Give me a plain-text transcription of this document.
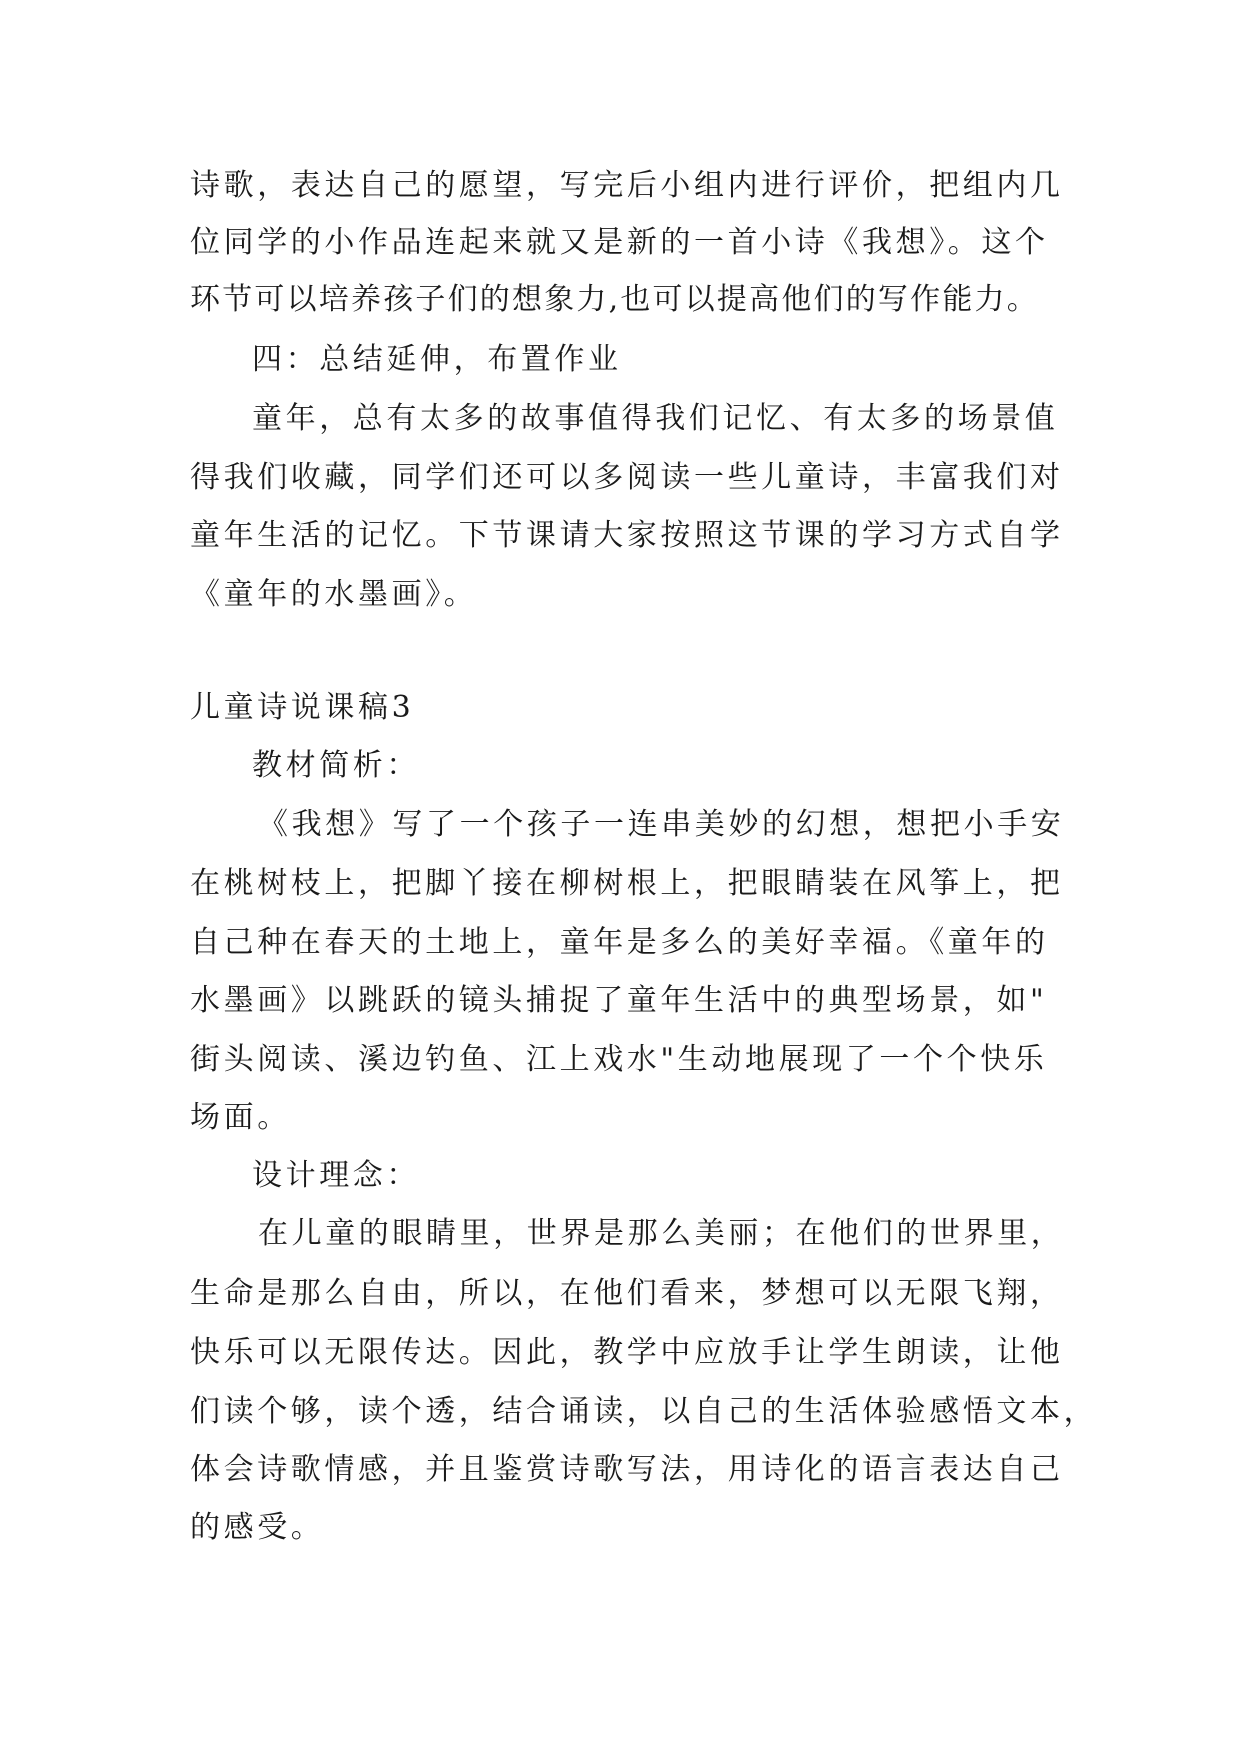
诗歌，表达自己的愿望，写完后小组内进行评价，把组内几
位同学的小作品连起来就又是新的一首小诗《我想》。这个
环节可以培养孩子们的想象力,也可以提高他们的写作能力。
四：总结延伸，布置作业
童年，总有太多的故事值得我们记忆、有太多的场景值
得我们收藏，同学们还可以多阅读一些儿童诗，丰富我们对
童年生活的记忆。下节课请大家按照这节课的学习方式自学
《童年的水墨画》。
儿童诗说课稿3
教材简析：
《我想》写了一个孩子一连串美妙的幻想，想把小手安
在桃树枝上，把脚丫接在柳树根上，把眼睛装在风筝上，把
自己种在春天的土地上，童年是多么的美好幸福。《童年的
水墨画》以跳跃的镜头捕捉了童年生活中的典型场景，如"
街头阅读、溪边钓鱼、江上戏水"生动地展现了一个个快乐
场面。
设计理念：
在儿童的眼睛里，世界是那么美丽；在他们的世界里，
生命是那么自由，所以，在他们看来，梦想可以无限飞翔，
快乐可以无限传达。因此，教学中应放手让学生朗读，让他
们读个够，读个透，结合诵读，以自己的生活体验感悟文本，
体会诗歌情感，并且鉴赏诗歌写法，用诗化的语言表达自己
的感受。
